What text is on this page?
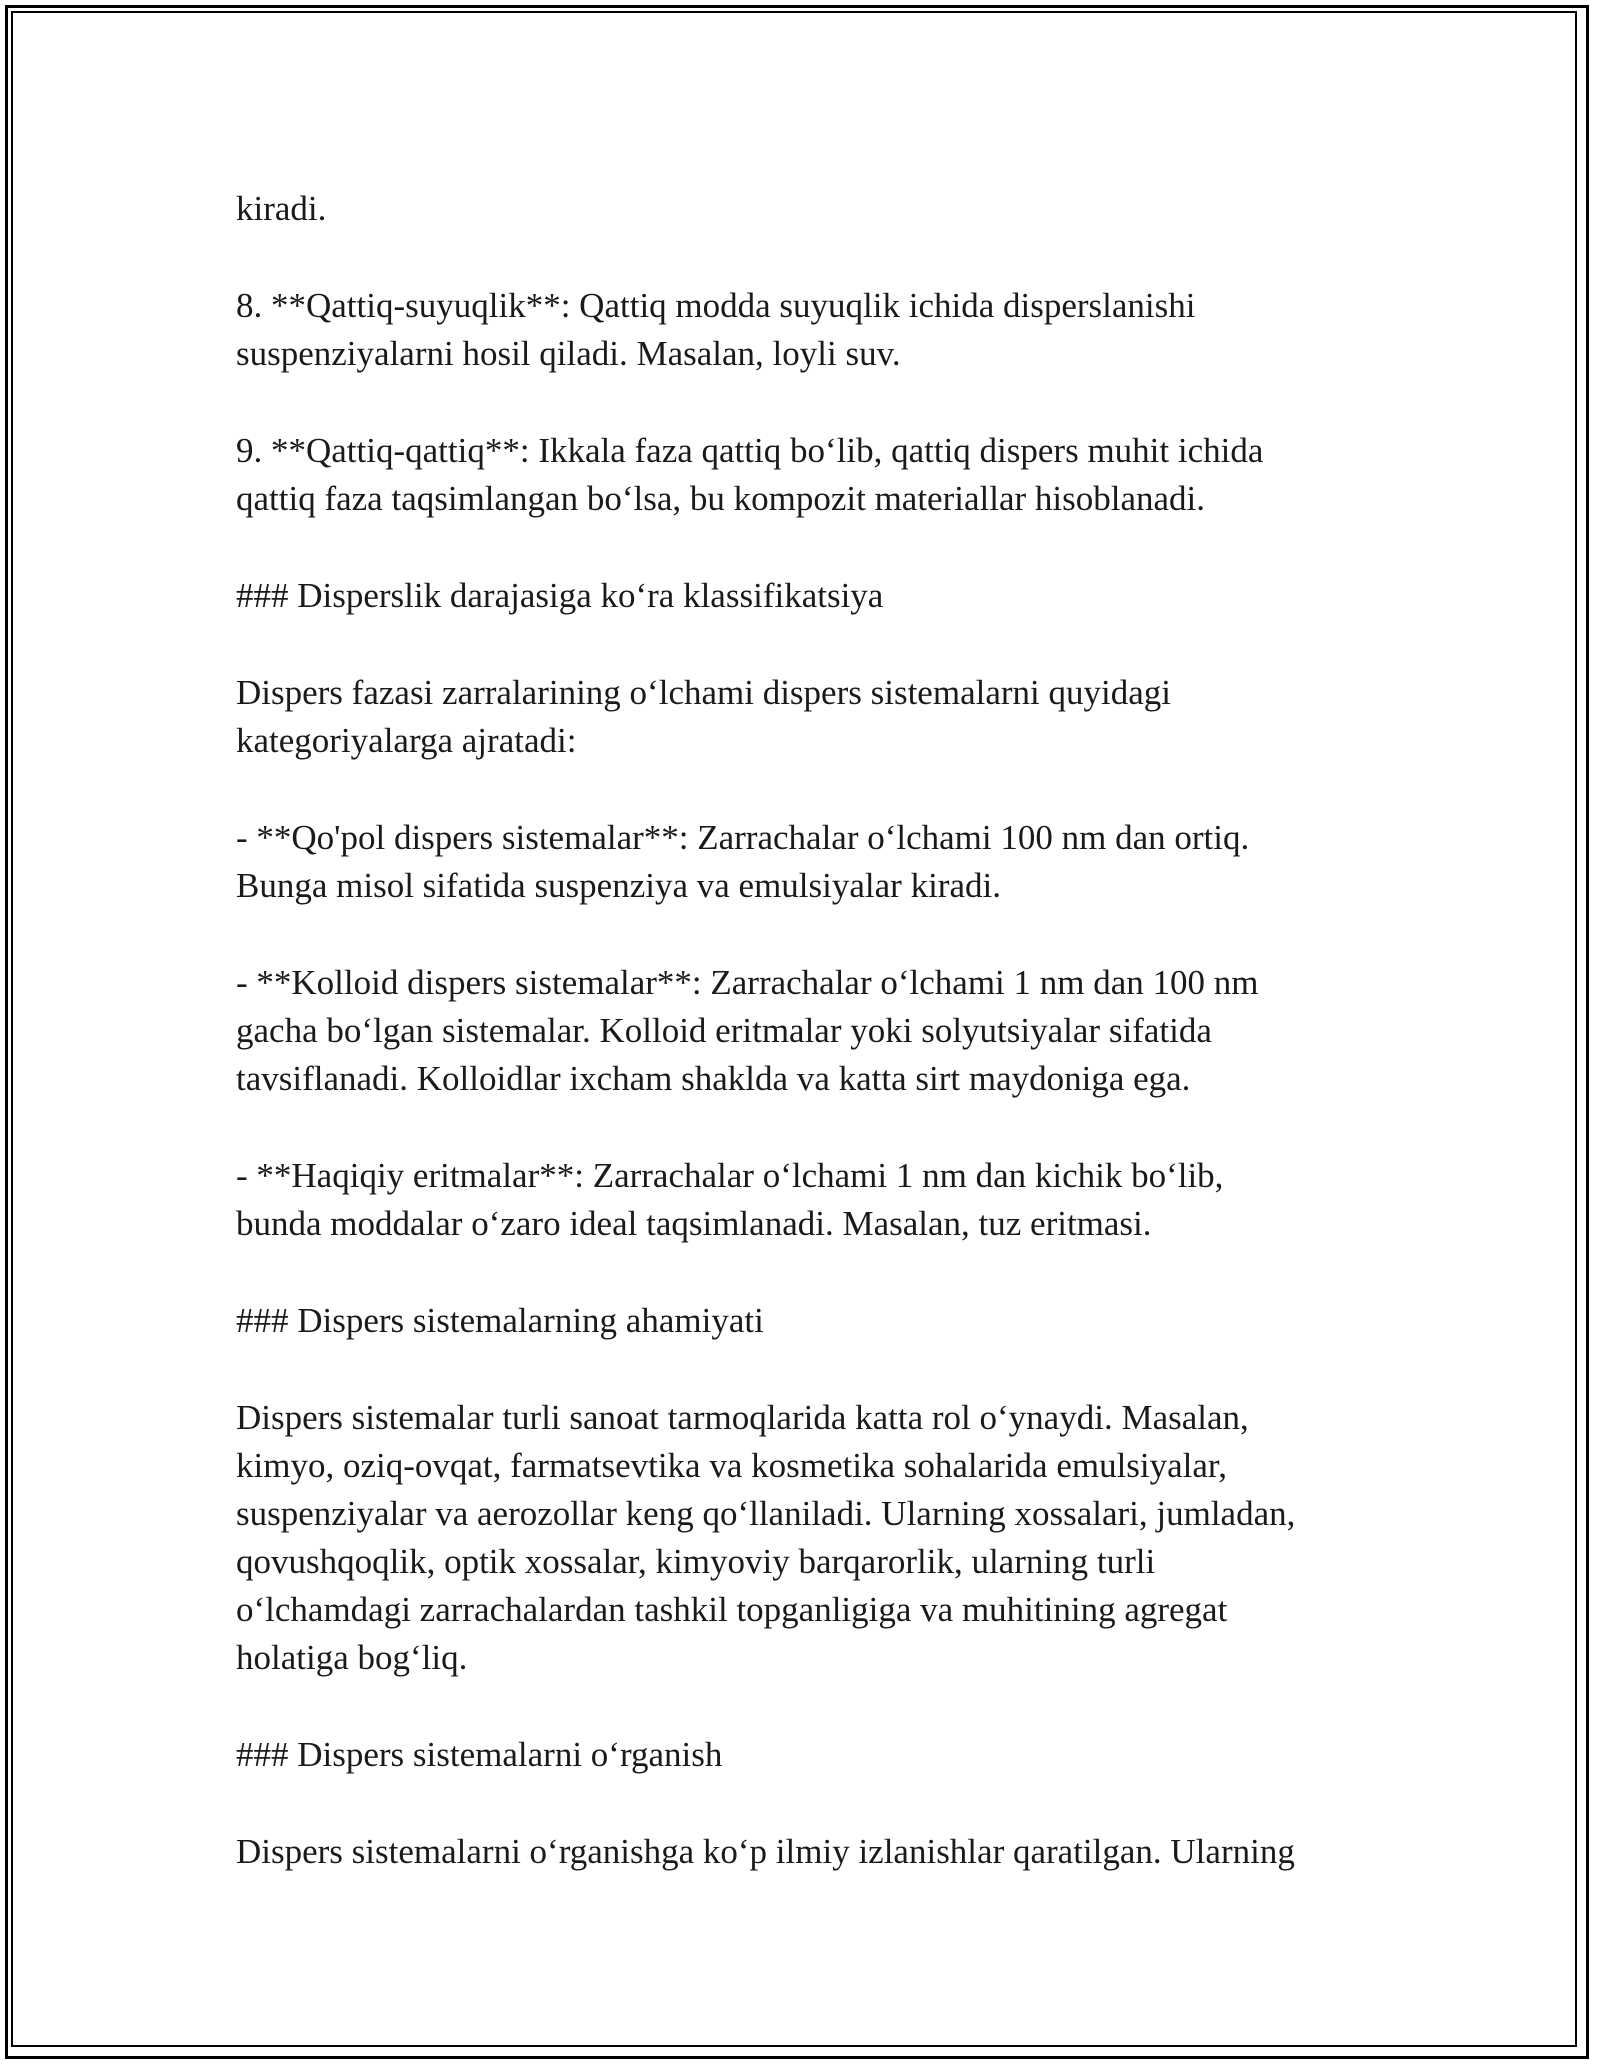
kiradi.
8. **Qattiq-suyuqlik**: Qattiq modda suyuqlik ichida disperslanishi
suspenziyalarni hosil qiladi. Masalan, loyli suv.
9. **Qattiq-qattiq**: Ikkala faza qattiq bo‘lib, qattiq dispers muhit ichida
qattiq faza taqsimlangan bo‘lsa, bu kompozit materiallar hisoblanadi.
### Disperslik darajasiga ko‘ra klassifikatsiya
Dispers fazasi zarralarining o‘lchami dispers sistemalarni quyidagi
kategoriyalarga ajratadi:
- **Qo'pol dispers sistemalar**: Zarrachalar o‘lchami 100 nm dan ortiq.
Bunga misol sifatida suspenziya va emulsiyalar kiradi.
- **Kolloid dispers sistemalar**: Zarrachalar o‘lchami 1 nm dan 100 nm
gacha bo‘lgan sistemalar. Kolloid eritmalar yoki solyutsiyalar sifatida
tavsiflanadi. Kolloidlar ixcham shaklda va katta sirt maydoniga ega.
- **Haqiqiy eritmalar**: Zarrachalar o‘lchami 1 nm dan kichik bo‘lib,
bunda moddalar o‘zaro ideal taqsimlanadi. Masalan, tuz eritmasi.
### Dispers sistemalarning ahamiyati
Dispers sistemalar turli sanoat tarmoqlarida katta rol o‘ynaydi. Masalan,
kimyo, oziq-ovqat, farmatsevtika va kosmetika sohalarida emulsiyalar,
suspenziyalar va aerozollar keng qo‘llaniladi. Ularning xossalari, jumladan,
qovushqoqlik, optik xossalar, kimyoviy barqarorlik, ularning turli
o‘lchamdagi zarrachalardan tashkil topganligiga va muhitining agregat
holatiga bog‘liq.
### Dispers sistemalarni o‘rganish
Dispers sistemalarni o‘rganishga ko‘p ilmiy izlanishlar qaratilgan. Ularning
